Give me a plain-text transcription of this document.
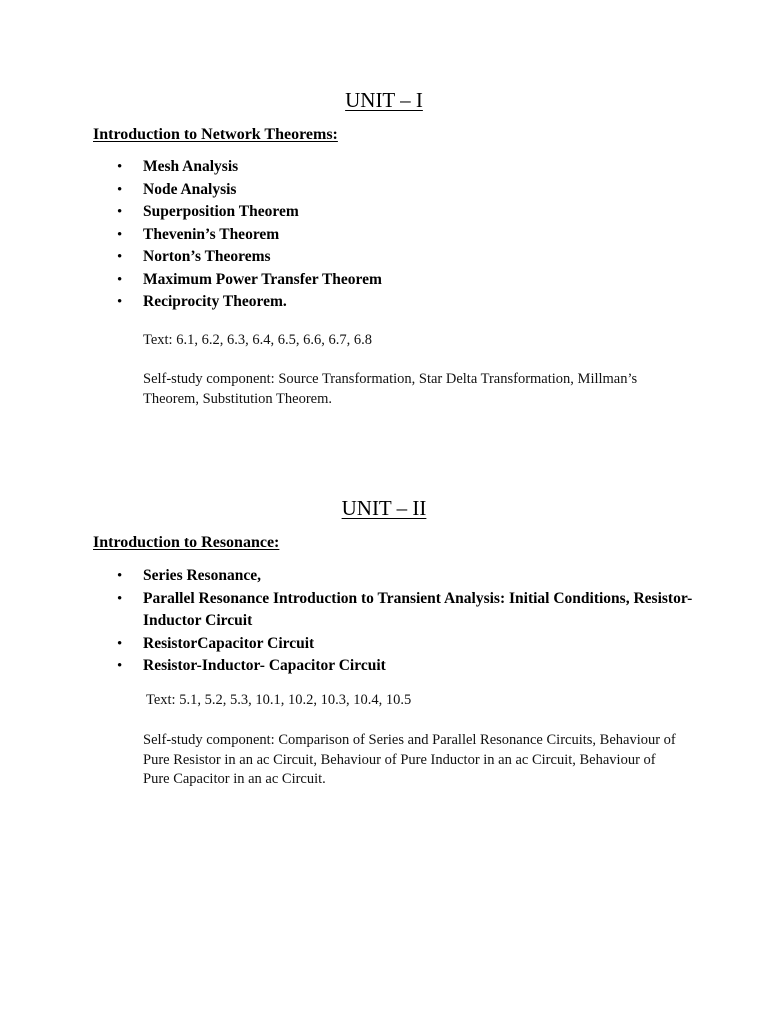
UNIT – I
Introduction to Network Theorems:
• Mesh Analysis
• Node Analysis
• Superposition Theorem
• Thevenin’s Theorem
• Norton’s Theorems
• Maximum Power Transfer Theorem
• Reciprocity Theorem.

Text: 6.1, 6.2, 6.3, 6.4, 6.5, 6.6, 6.7, 6.8

Self-study component: Source Transformation, Star Delta Transformation, Millman’s Theorem, Substitution Theorem.

UNIT – II
Introduction to Resonance:
• Series Resonance,
• Parallel Resonance Introduction to Transient Analysis: Initial Conditions, Resistor-Inductor Circuit
• ResistorCapacitor Circuit
• Resistor-Inductor- Capacitor Circuit

Text: 5.1, 5.2, 5.3, 10.1, 10.2, 10.3, 10.4, 10.5

Self-study component: Comparison of Series and Parallel Resonance Circuits, Behaviour of Pure Resistor in an ac Circuit, Behaviour of Pure Inductor in an ac Circuit, Behaviour of Pure Capacitor in an ac Circuit.
